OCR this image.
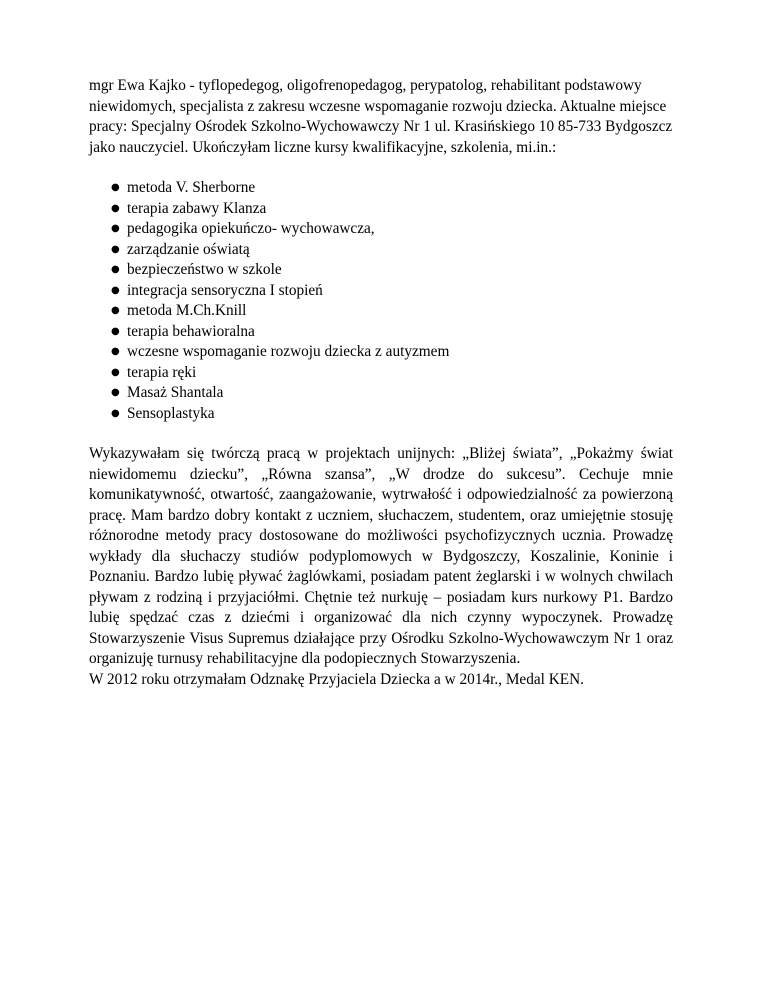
mgr Ewa Kajko - tyflopedegog, oligofrenopedagog, perypatolog, rehabilitant podstawowy niewidomych, specjalista z zakresu wczesne wspomaganie rozwoju dziecka. Aktualne miejsce pracy: Specjalny Ośrodek Szkolno-Wychowawczy Nr 1 ul. Krasińskiego 10 85-733 Bydgoszcz jako nauczyciel. Ukończyłam liczne kursy kwalifikacyjne, szkolenia, mi.in.:

● metoda V. Sherborne
● terapia zabawy Klanza
● pedagogika opiekuńczo- wychowawcza,
● zarządzanie oświatą
● bezpieczeństwo w szkole
● integracja sensoryczna I stopień
● metoda M.Ch.Knill
● terapia behawioralna
● wczesne wspomaganie rozwoju dziecka z autyzmem
● terapia ręki
● Masaż Shantala
● Sensoplastyka

Wykazywałam się twórczą pracą w projektach unijnych: „Bliżej świata”, „Pokażmy świat niewidomemu dziecku”, „Równa szansa”, „W drodze do sukcesu”. Cechuje mnie komunikatywność, otwartość, zaangażowanie, wytrwałość i odpowiedzialność za powierzoną pracę. Mam bardzo dobry kontakt z uczniem, słuchaczem, studentem, oraz umiejętnie stosuję różnorodne metody pracy dostosowane do możliwości psychofizycznych ucznia. Prowadzę wykłady dla słuchaczy studiów podyplomowych w Bydgoszczy, Koszalinie, Koninie i Poznaniu. Bardzo lubię pływać żaglówkami, posiadam patent żeglarski i w wolnych chwilach pływam z rodziną i przyjaciółmi. Chętnie też nurkuję – posiadam kurs nurkowy P1. Bardzo lubię spędzać czas z dziećmi i organizować dla nich czynny wypoczynek. Prowadzę Stowarzyszenie Visus Supremus działające przy Ośrodku Szkolno-Wychowawczym Nr 1 oraz organizuję turnusy rehabilitacyjne dla podopiecznych Stowarzyszenia.

W 2012 roku otrzymałam Odznakę Przyjaciela Dziecka a w 2014r., Medal KEN.
